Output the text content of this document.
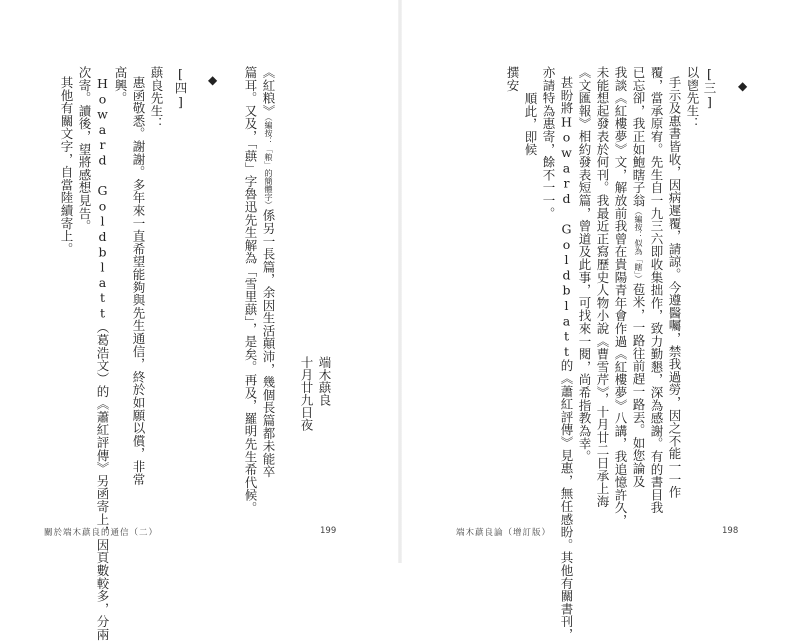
◆
[三]
以鬯先生：
手示及惠書皆收，因病遲覆，請諒。今遵醫囑，禁我過勞，因之不能一一作
覆，當承原宥。先生自一九三六即收集拙作，致力勤懇，深為感謝。有的書目我
已忘卻，我正如鮑瞎子翁（編按：似為「瞎」）苞米，一路往前趕一路丟。如您論及
我談《紅樓夢》文，解放前我曾在貴陽青年會作過《紅樓夢》八講，我追憶許久，
未能想起發表於何刊。我最近正寫歷史人物小說《曹雪芹》，十月廿二日承上海
《文匯報》相約發表短篇，曾道及此事，可找來一閱，尚希指教為幸。
甚盼將Howard Goldblatt的《蕭紅評傳》見惠，無任感盼。其他有關書刊，
亦請特為惠寄，餘不一一。
順此，即候
撰安
端木蕻良
十月廿九日夜
端木蕻良論（增訂版）	198
《紅粮》（編按：「粮」的簡體字）係另一長篇，余因生活顛沛，幾個長篇都未能卒
篇耳。又及，「蕻」字魯迅先生解為「雪里蕻」，是矣。再及，羅明先生希代候。
◆
[四]
蕻良先生：
惠函敬悉。謝謝。多年來一直希望能夠與先生通信，終於如願以償，非常
高興。
Howard Goldblatt（葛浩文）的《蕭紅評傳》另函寄上，因頁數較多，分兩
次寄。讀後，望將感想見告。
其他有關文字，自當陸續寄上。
關於端木蕻良的通信（二）	199
